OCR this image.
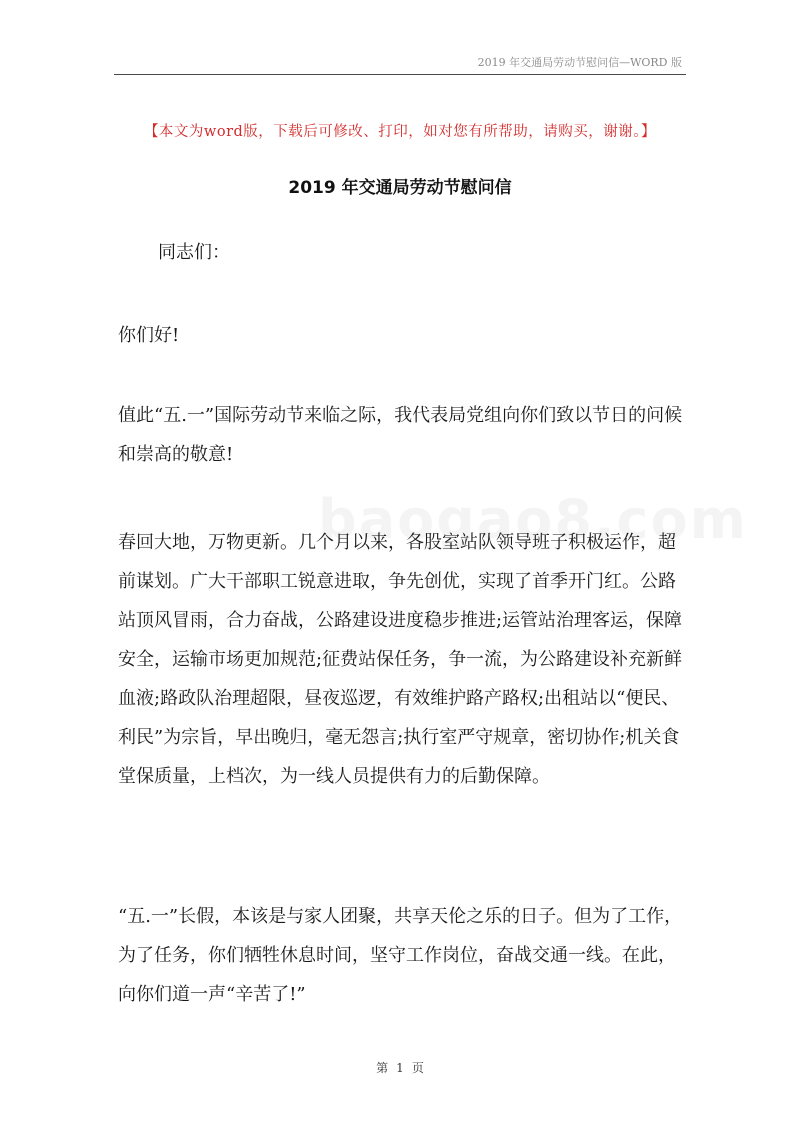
2019 年交通局劳动节慰问信—WORD 版
【本文为word版，下载后可修改、打印，如对您有所帮助，请购买，谢谢。】
2019 年交通局劳动节慰问信
同志们：
你们好!
值此“五.一”国际劳动节来临之际，我代表局党组向你们致以节日的问候和崇高的敬意!
春回大地，万物更新。几个月以来，各股室站队领导班子积极运作，超前谋划。广大干部职工锐意进取，争先创优，实现了首季开门红。公路站顶风冒雨，合力奋战，公路建设进度稳步推进;运管站治理客运，保障安全，运输市场更加规范;征费站保任务，争一流，为公路建设补充新鲜血液;路政队治理超限，昼夜巡逻，有效维护路产路权;出租站以“便民、利民”为宗旨，早出晚归，毫无怨言;执行室严守规章，密切协作;机关食堂保质量，上档次，为一线人员提供有力的后勤保障。
“五.一”长假，本该是与家人团聚，共享天伦之乐的日子。但为了工作，为了任务，你们牺牲休息时间，坚守工作岗位，奋战交通一线。在此，向你们道一声“辛苦了!”
第 1 页
